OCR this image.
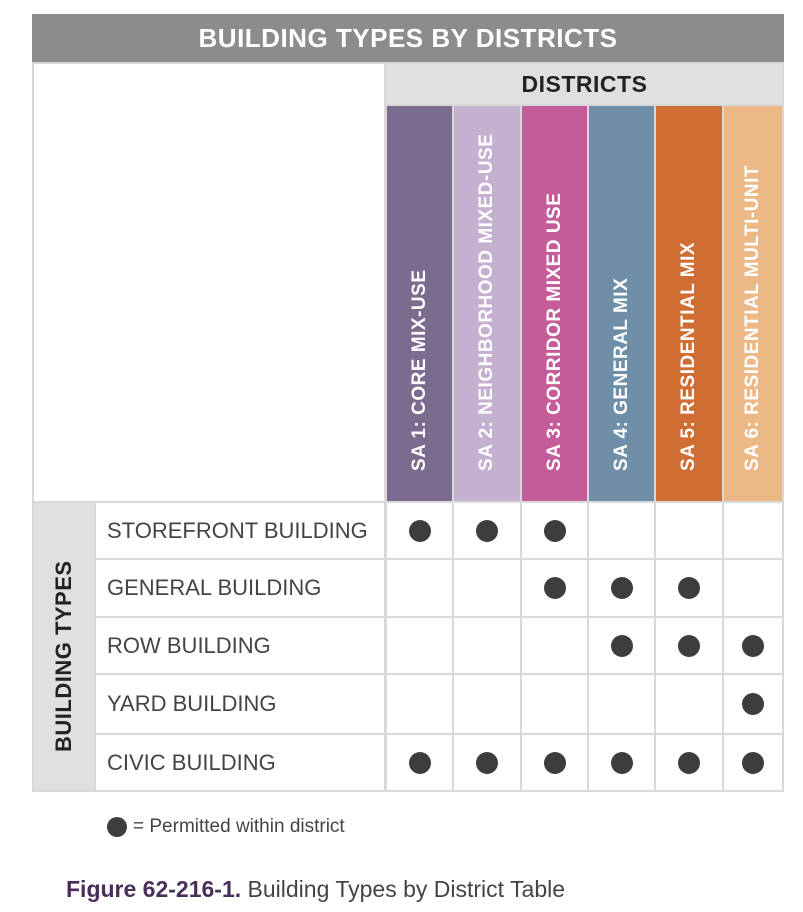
BUILDING TYPES BY DISTRICTS
DISTRICTS
SA 1: CORE MIX-USE SA 2: NEIGHBORHOOD MIXED-USE SA 3: CORRIDOR MIXED USE SA 4: GENERAL MIX SA 5: RESIDENTIAL MIX SA 6: RESIDENTIAL MULTI-UNIT
BUILDING TYPES
STOREFRONT BUILDING
GENERAL BUILDING
ROW BUILDING
YARD BUILDING
CIVIC BUILDING
= Permitted within district
Figure 62-216-1. Building Types by District Table
